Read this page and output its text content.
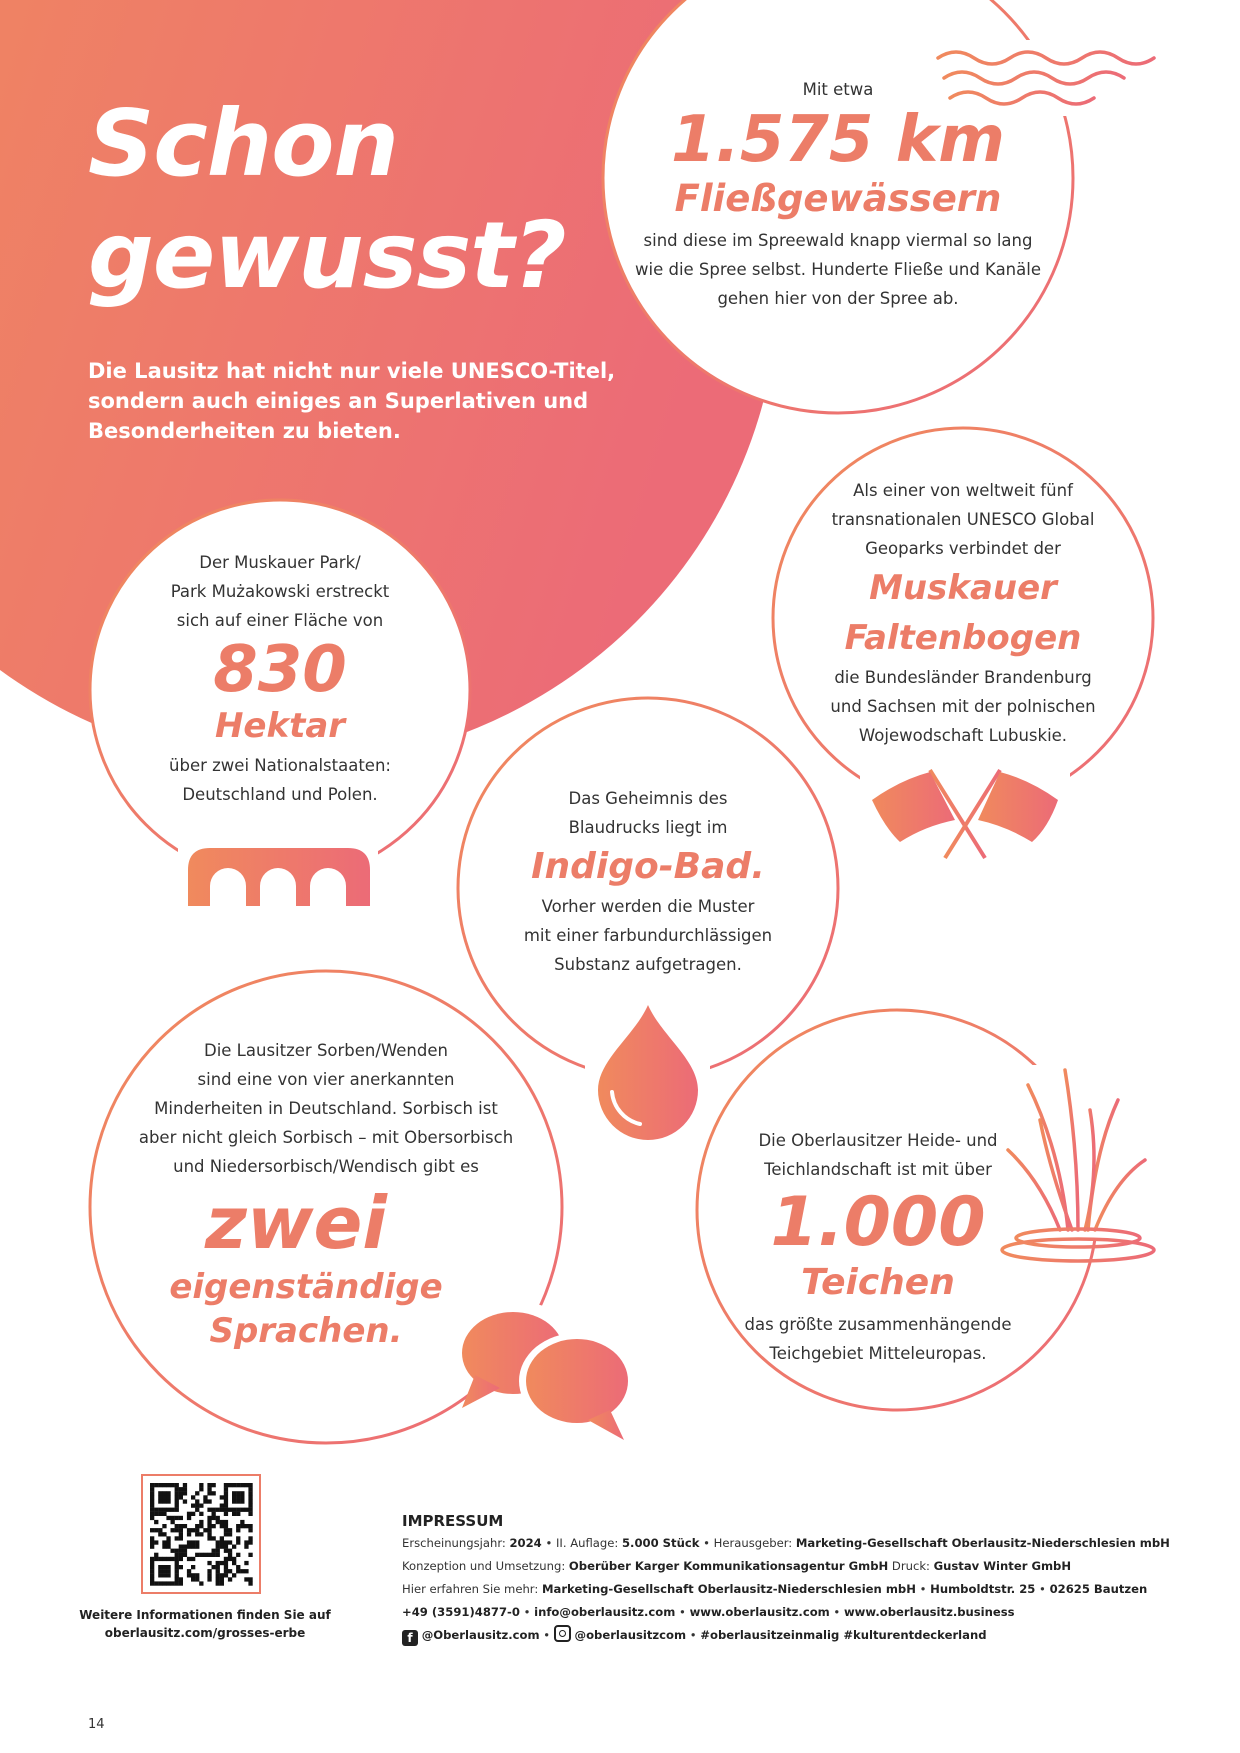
Schon
gewusst?
Die Lausitz hat nicht nur viele UNESCO-Titel,
sondern auch einiges an Superlativen und
Besonderheiten zu bieten.
Mit etwa
1.575 km
Fließgewässern
sind diese im Spreewald knapp viermal so lang
wie die Spree selbst. Hunderte Fließe und Kanäle
gehen hier von der Spree ab.
Der Muskauer Park/
Park Mużakowski erstreckt
sich auf einer Fläche von
830
Hektar
über zwei Nationalstaaten:
Deutschland und Polen.
Als einer von weltweit fünf
transnationalen UNESCO Global
Geoparks verbindet der
Muskauer
Faltenbogen
die Bundesländer Brandenburg
und Sachsen mit der polnischen
Wojewodschaft Lubuskie.
Das Geheimnis des
Blaudrucks liegt im
Indigo-Bad.
Vorher werden die Muster
mit einer farbundurchlässigen
Substanz aufgetragen.
Die Lausitzer Sorben/Wenden
sind eine von vier anerkannten
Minderheiten in Deutschland. Sorbisch ist
aber nicht gleich Sorbisch – mit Obersorbisch
und Niedersorbisch/Wendisch gibt es
zwei
eigenständige
Sprachen.
Die Oberlausitzer Heide- und
Teichlandschaft ist mit über
1.000
Teichen
das größte zusammenhängende
Teichgebiet Mitteleuropas.
Weitere Informationen finden Sie auf
oberlausitz.com/grosses-erbe
IMPRESSUM
Erscheinungsjahr: 2024 • II. Auflage: 5.000 Stück • Herausgeber: Marketing-Gesellschaft Oberlausitz-Niederschlesien mbH
Konzeption und Umsetzung: Oberüber Karger Kommunikationsagentur GmbH Druck: Gustav Winter GmbH
Hier erfahren Sie mehr: Marketing-Gesellschaft Oberlausitz-Niederschlesien mbH • Humboldtstr. 25 • 02625 Bautzen
+49 (3591)4877-0 • info@oberlausitz.com • www.oberlausitz.com • www.oberlausitz.business
f @Oberlausitz.com •
@oberlausitzcom • #oberlausitzeinmalig #kulturentdeckerland
14
